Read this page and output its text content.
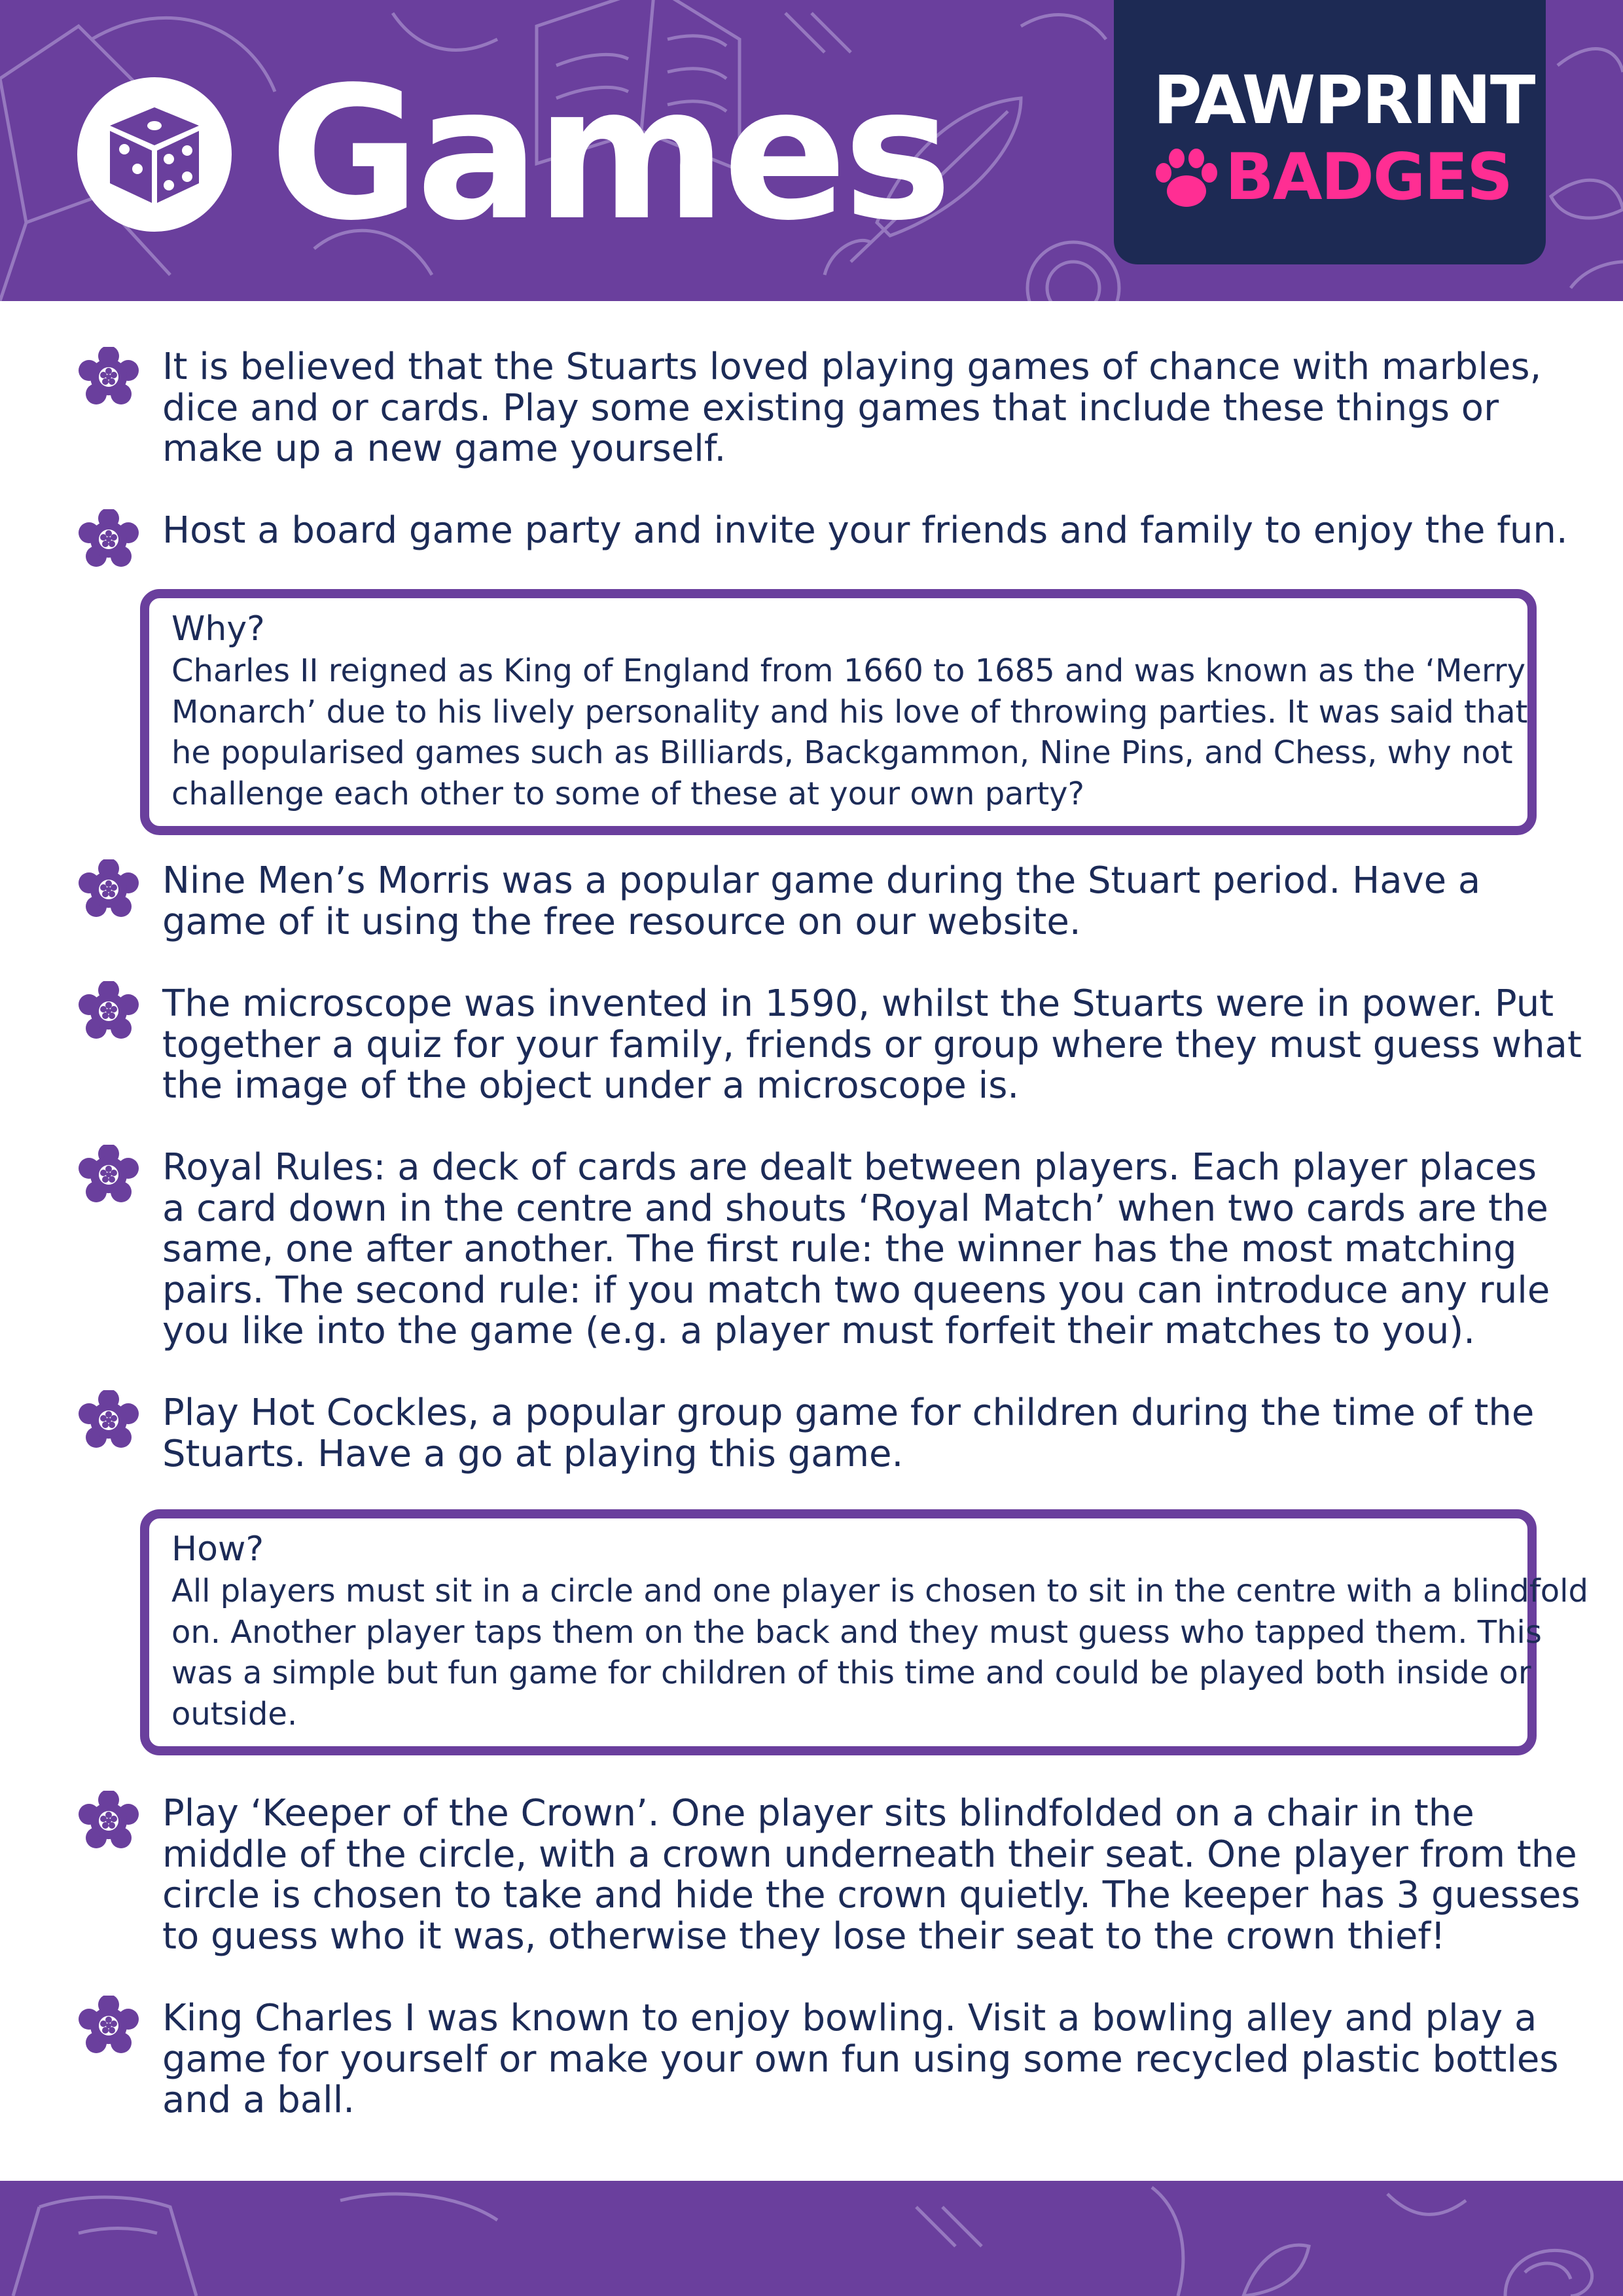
Games	PAWPRINT
BADGES
It is believed that the Stuarts loved playing games of chance with marbles,
dice and or cards. Play some existing games that include these things or
make up a new game yourself.
Host a board game party and invite your friends and family to enjoy the fun.
Why?
Charles II reigned as King of England from 1660 to 1685 and was known as the ‘Merry
Monarch’ due to his lively personality and his love of throwing parties. It was said that
he popularised games such as Billiards, Backgammon, Nine Pins, and Chess, why not
challenge each other to some of these at your own party?
Nine Men’s Morris was a popular game during the Stuart period. Have a
game of it using the free resource on our website.
The microscope was invented in 1590, whilst the Stuarts were in power. Put
together a quiz for your family, friends or group where they must guess what
the image of the object under a microscope is.
Royal Rules: a deck of cards are dealt between players. Each player places
a card down in the centre and shouts ‘Royal Match’ when two cards are the
same, one after another. The first rule: the winner has the most matching
pairs. The second rule: if you match two queens you can introduce any rule
you like into the game (e.g. a player must forfeit their matches to you).
Play Hot Cockles, a popular group game for children during the time of the
Stuarts. Have a go at playing this game.
How?
All players must sit in a circle and one player is chosen to sit in the centre with a blindfold
on. Another player taps them on the back and they must guess who tapped them. This
was a simple but fun game for children of this time and could be played both inside or
outside.
Play ‘Keeper of the Crown’. One player sits blindfolded on a chair in the
middle of the circle, with a crown underneath their seat. One player from the
circle is chosen to take and hide the crown quietly. The keeper has 3 guesses
to guess who it was, otherwise they lose their seat to the crown thief!
King Charles I was known to enjoy bowling. Visit a bowling alley and play a
game for yourself or make your own fun using some recycled plastic bottles
and a ball.
